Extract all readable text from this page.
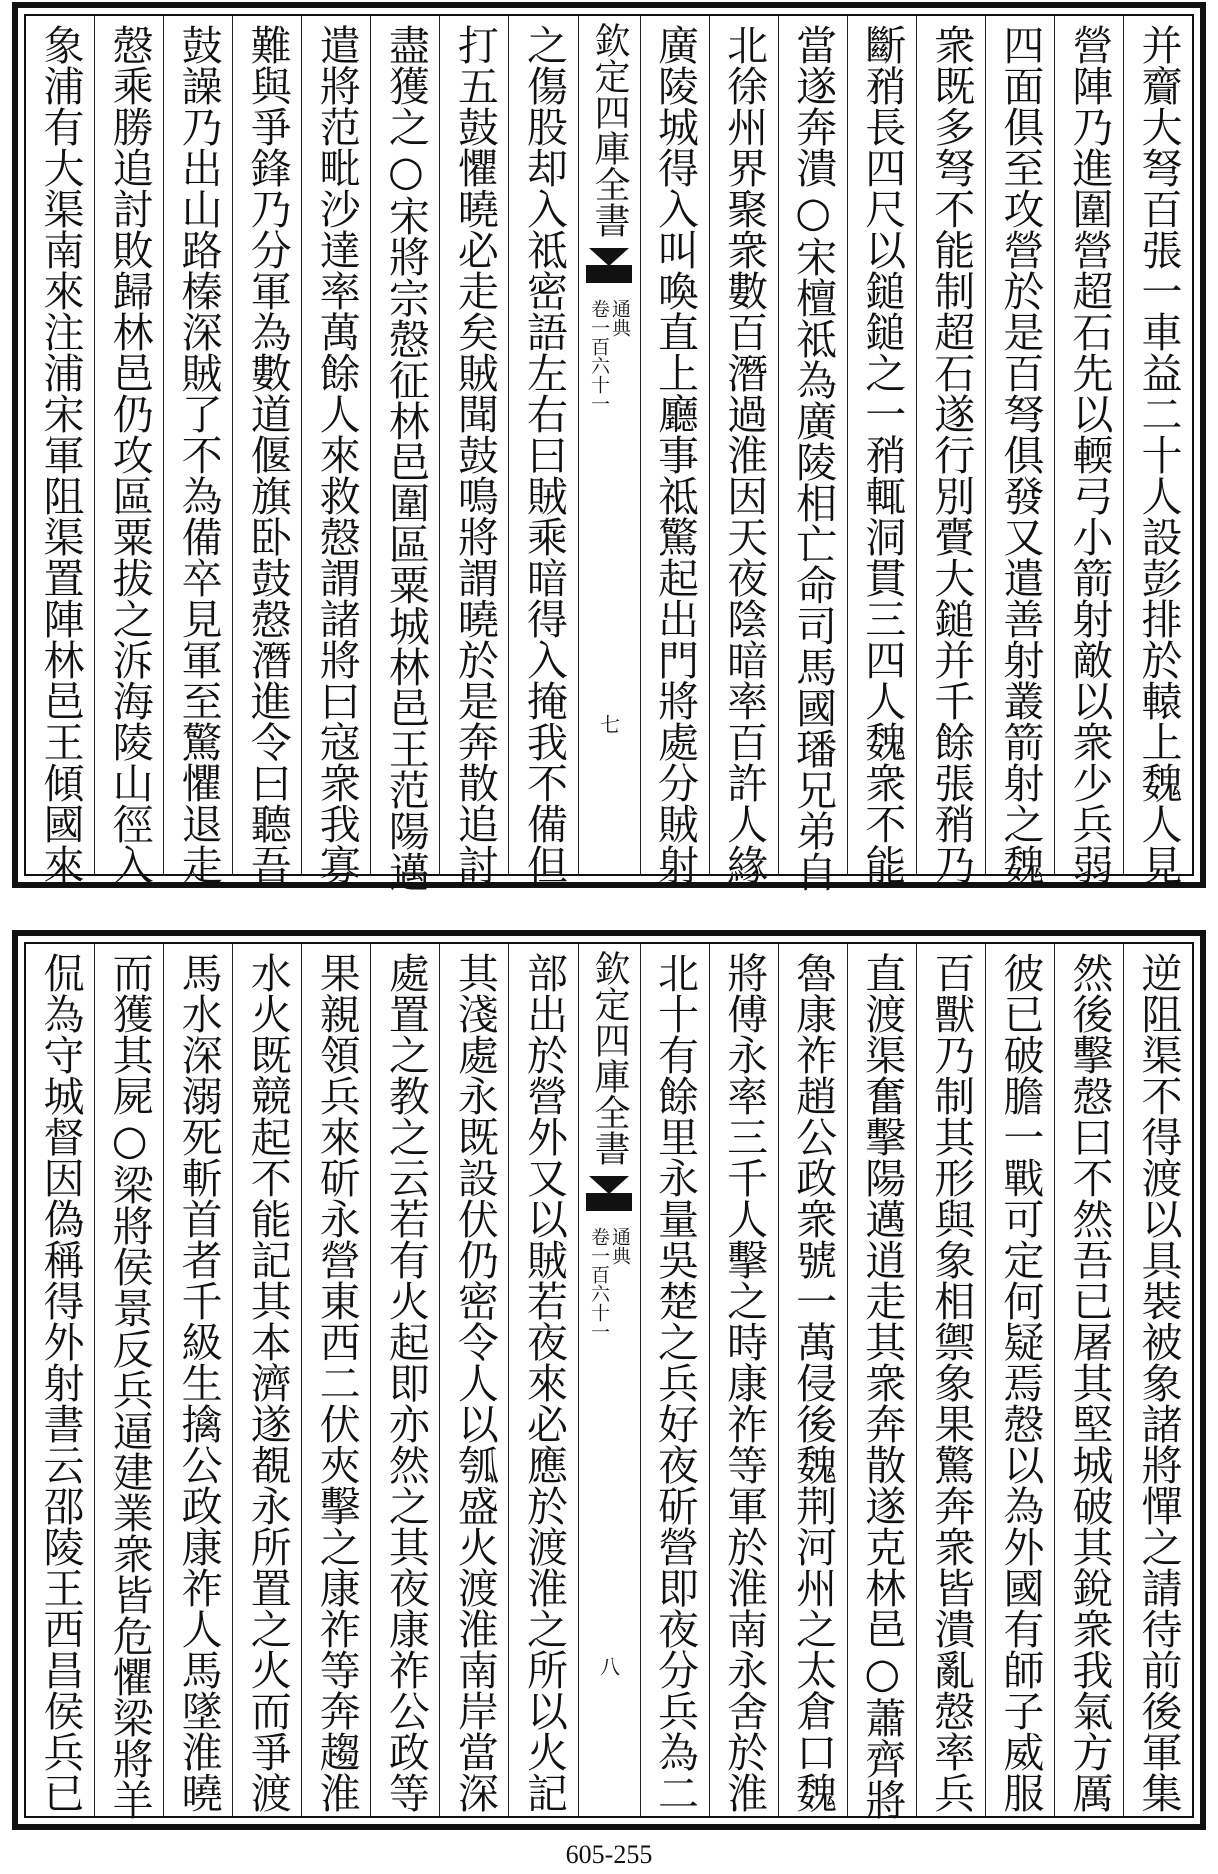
并齎大弩百張一車益二十人設彭排於轅上魏人見
營陣乃進圍營超石先以輭弓小箭射敵以衆少兵弱
四面俱至攻營於是百弩俱發又遣善射叢箭射之魏
衆既多弩不能制超石遂行別賷大鎚并千餘張矟乃
斷矟長四尺以鎚鎚之一矟輒洞貫三四人魏衆不能
當遂奔潰○宋檀祗為廣陵相亡命司馬國璠兄弟自
北徐州界聚衆數百潛過淮因天夜陰暗率百許人緣
廣陵城得入叫喚直上廳事祗驚起出門將處分賊射
欽定四庫全書
通典
卷一百六十一
七
之傷股却入祗密語左右曰賊乘暗得入掩我不備但
打五鼓懼曉必走矣賊聞鼓鳴將謂曉於是奔散追討
盡獲之○宋將宗慤征林邑圍區粟城林邑王范陽邁
遣將范毗沙達率萬餘人來救慤謂諸將曰寇衆我寡
難與爭鋒乃分軍為數道偃旗卧鼓慤潛進令曰聽吾
鼓譟乃出山路榛深賊了不為備卒見軍至驚懼退走
慤乘勝追討敗歸林邑仍攻區粟拔之泝海陵山徑入
象浦有大渠南來注浦宋軍阻渠置陣林邑王傾國來
逆阻渠不得渡以具裝被象諸將憚之請待前後軍集
然後擊慤曰不然吾已屠其堅城破其銳衆我氣方厲
彼已破膽一戰可定何疑焉慤以為外國有師子威服
百獸乃制其形與象相禦象果驚奔衆皆潰亂慤率兵
直渡渠奮擊陽邁逍走其衆奔散遂克林邑○蕭齊將
魯康祚趙公政衆號一萬侵後魏荆河州之太倉口魏
將傅永率三千人擊之時康祚等軍於淮南永舍於淮
北十有餘里永量吳楚之兵好夜斫營即夜分兵為二
欽定四庫全書
通典
卷一百六十一
八
部出於營外又以賊若夜來必應於渡淮之所以火記
其淺處永既設伏仍密令人以瓠盛火渡淮南岸當深
處置之教之云若有火起即亦然之其夜康祚公政等
果親領兵來斫永營東西二伏夾擊之康祚等奔趨淮
水火既競起不能記其本濟遂覩永所置之火而爭渡
馬水深溺死斬首者千級生擒公政康祚人馬墜淮曉
而獲其屍○梁將侯景反兵逼建業衆皆危懼梁將羊
侃為守城督因偽稱得外射書云邵陵王西昌侯兵已
605-255
